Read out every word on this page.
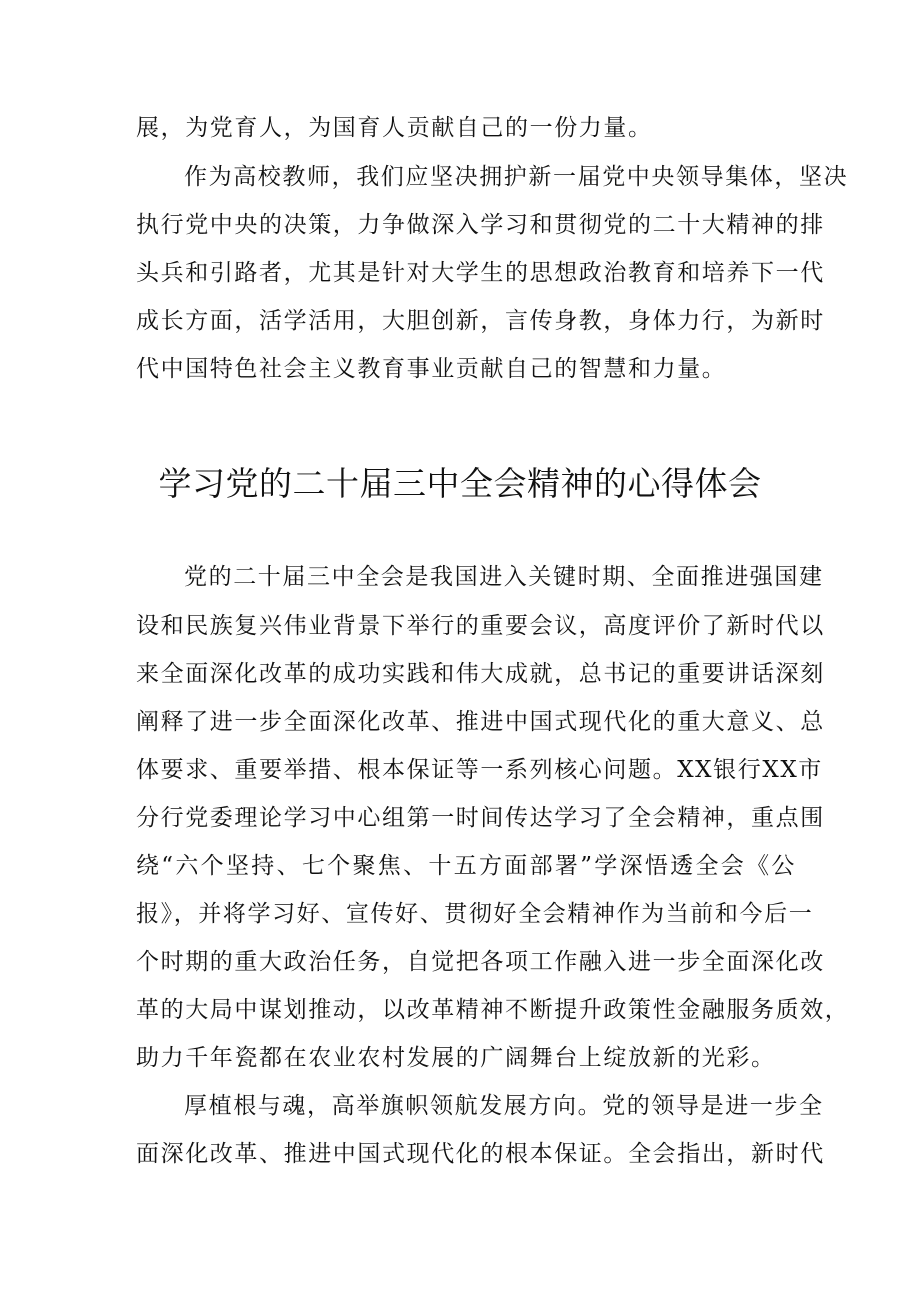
展，为党育人，为国育人贡献自己的一份力量。
作为高校教师，我们应坚决拥护新一届党中央领导集体，坚决
执行党中央的决策，力争做深入学习和贯彻党的二十大精神的排
头兵和引路者，尤其是针对大学生的思想政治教育和培养下一代
成长方面，活学活用，大胆创新，言传身教，身体力行，为新时
代中国特色社会主义教育事业贡献自己的智慧和力量。
学习党的二十届三中全会精神的心得体会
党的二十届三中全会是我国进入关键时期、全面推进强国建
设和民族复兴伟业背景下举行的重要会议，高度评价了新时代以
来全面深化改革的成功实践和伟大成就，总书记的重要讲话深刻
阐释了进一步全面深化改革、推进中国式现代化的重大意义、总
体要求、重要举措、根本保证等一系列核心问题。XX银行XX市
分行党委理论学习中心组第一时间传达学习了全会精神，重点围
绕“六个坚持、七个聚焦、十五方面部署”学深悟透全会《公
报》，并将学习好、宣传好、贯彻好全会精神作为当前和今后一
个时期的重大政治任务，自觉把各项工作融入进一步全面深化改
革的大局中谋划推动，以改革精神不断提升政策性金融服务质效，
助力千年瓷都在农业农村发展的广阔舞台上绽放新的光彩。
厚植根与魂，高举旗帜领航发展方向。党的领导是进一步全
面深化改革、推进中国式现代化的根本保证。全会指出，新时代
